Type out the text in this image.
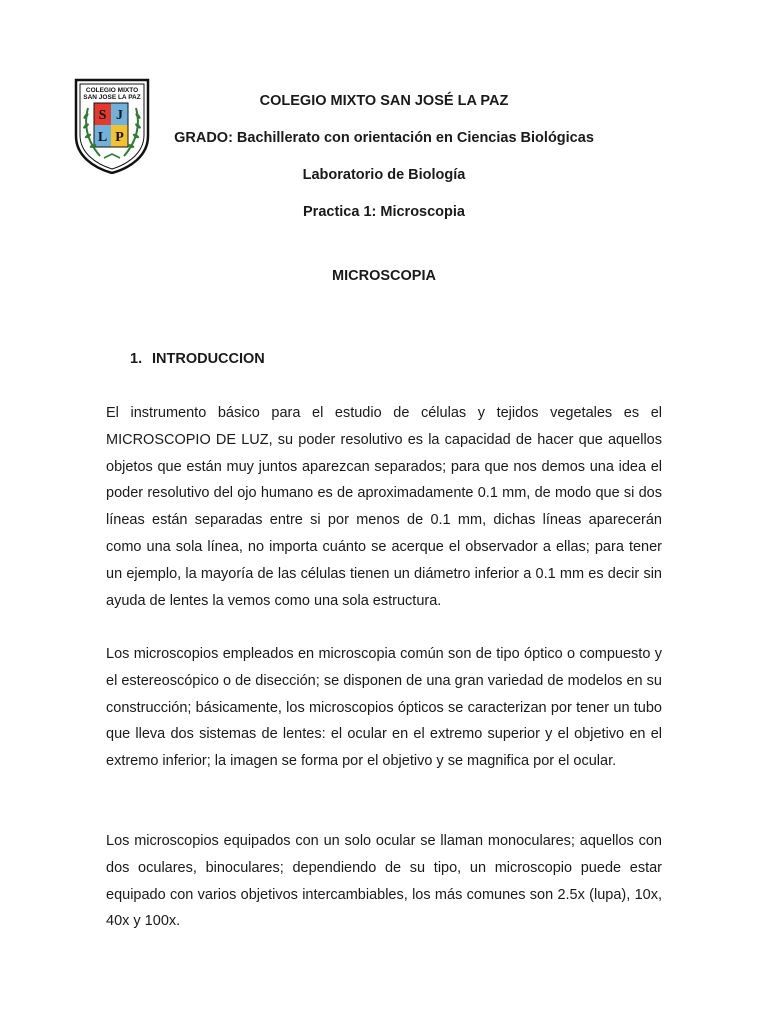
COLEGIO MIXTO
SAN JOSE LA PAZ
S J
L P
COLEGIO MIXTO SAN JOSÉ LA PAZ
GRADO: Bachillerato con orientación en Ciencias Biológicas
Laboratorio de Biología
Practica 1: Microscopia
MICROSCOPIA
1. INTRODUCCION

El instrumento básico para el estudio de células y tejidos vegetales es el MICROSCOPIO DE LUZ, su poder resolutivo es la capacidad de hacer que aquellos objetos que están muy juntos aparezcan separados; para que nos demos una idea el poder resolutivo del ojo humano es de aproximadamente 0.1 mm, de modo que si dos líneas están separadas entre si por menos de 0.1 mm, dichas líneas aparecerán como una sola línea, no importa cuánto se acerque el observador a ellas; para tener un ejemplo, la mayoría de las células tienen un diámetro inferior a 0.1 mm es decir sin ayuda de lentes la vemos como una sola estructura.

Los microscopios empleados en microscopia común son de tipo óptico o compuesto y el estereoscópico o de disección; se disponen de una gran variedad de modelos en su construcción; básicamente, los microscopios ópticos se caracterizan por tener un tubo que lleva dos sistemas de lentes: el ocular en el extremo superior y el objetivo en el extremo inferior; la imagen se forma por el objetivo y se magnifica por el ocular.

Los microscopios equipados con un solo ocular se llaman monoculares; aquellos con dos oculares, binoculares; dependiendo de su tipo, un microscopio puede estar equipado con varios objetivos intercambiables, los más comunes son 2.5x (lupa), 10x, 40x y 100x.
